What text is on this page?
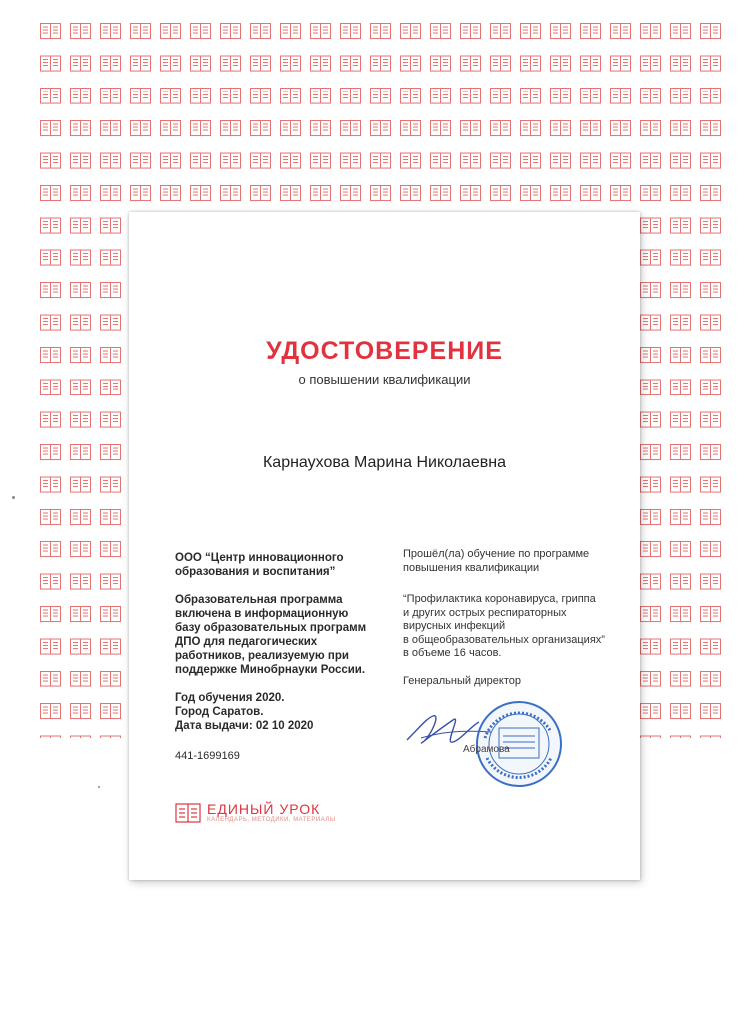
УДОСТОВЕРЕНИЕ
о повышении квалификации
Карнаухова Марина Николаевна
ООО “Центр инновационного
образования и воспитания”
Образовательная программа
включена в информационную
базу образовательных программ
ДПО для педагогических
работников, реализуемую при
поддержке Минобрнауки России.
Год обучения 2020.
Город Саратов.
Дата выдачи: 02 10 2020
441-1699169
Прошёл(ла) обучение по программе
повышения квалификации
“Профилактика коронавируса, гриппа
и других острых респираторных
вирусных инфекций
в общеобразовательных организациях”
в объеме 16 часов.
Генеральный директор
Абрамова
ЕДИНЫЙ УРОК
КАЛЕНДАРЬ, МЕТОДИКИ, МАТЕРИАЛЫ
